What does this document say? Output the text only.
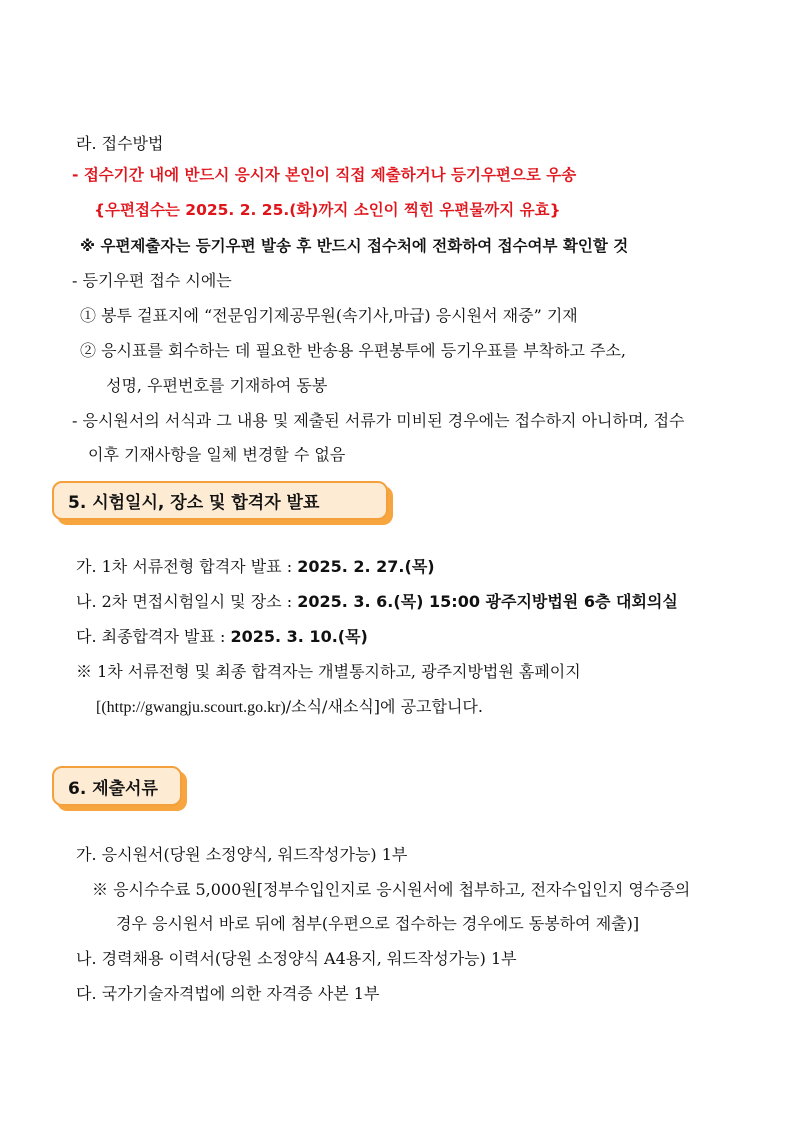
라. 접수방법
- 접수기간 내에 반드시 응시자 본인이 직접 제출하거나 등기우편으로 우송
{우편접수는 2025. 2. 25.(화)까지 소인이 찍힌 우편물까지 유효}
※ 우편제출자는 등기우편 발송 후 반드시 접수처에 전화하여 접수여부 확인할 것
- 등기우편 접수 시에는
① 봉투 겉표지에 “전문임기제공무원(속기사,마급) 응시원서 재중” 기재
② 응시표를 회수하는 데 필요한 반송용 우편봉투에 등기우표를 부착하고 주소,
성명, 우편번호를 기재하여 동봉
- 응시원서의 서식과 그 내용 및 제출된 서류가 미비된 경우에는 접수하지 아니하며, 접수
이후 기재사항을 일체 변경할 수 없음
5. 시험일시, 장소 및 합격자 발표
가. 1차 서류전형 합격자 발표 : 2025. 2. 27.(목)
나. 2차 면접시험일시 및 장소 : 2025. 3. 6.(목) 15:00 광주지방법원 6층 대회의실
다. 최종합격자 발표 : 2025. 3. 10.(목)
※ 1차 서류전형 및 최종 합격자는 개별통지하고, 광주지방법원 홈페이지
[(http://gwangju.scourt.go.kr)/소식/새소식]에 공고합니다.
6. 제출서류
가. 응시원서(당원 소정양식, 워드작성가능) 1부
※ 응시수수료 5,000원[정부수입인지로 응시원서에 첩부하고, 전자수입인지 영수증의
경우 응시원서 바로 뒤에 첨부(우편으로 접수하는 경우에도 동봉하여 제출)]
나. 경력채용 이력서(당원 소정양식 A4용지, 워드작성가능) 1부
다. 국가기술자격법에 의한 자격증 사본 1부
